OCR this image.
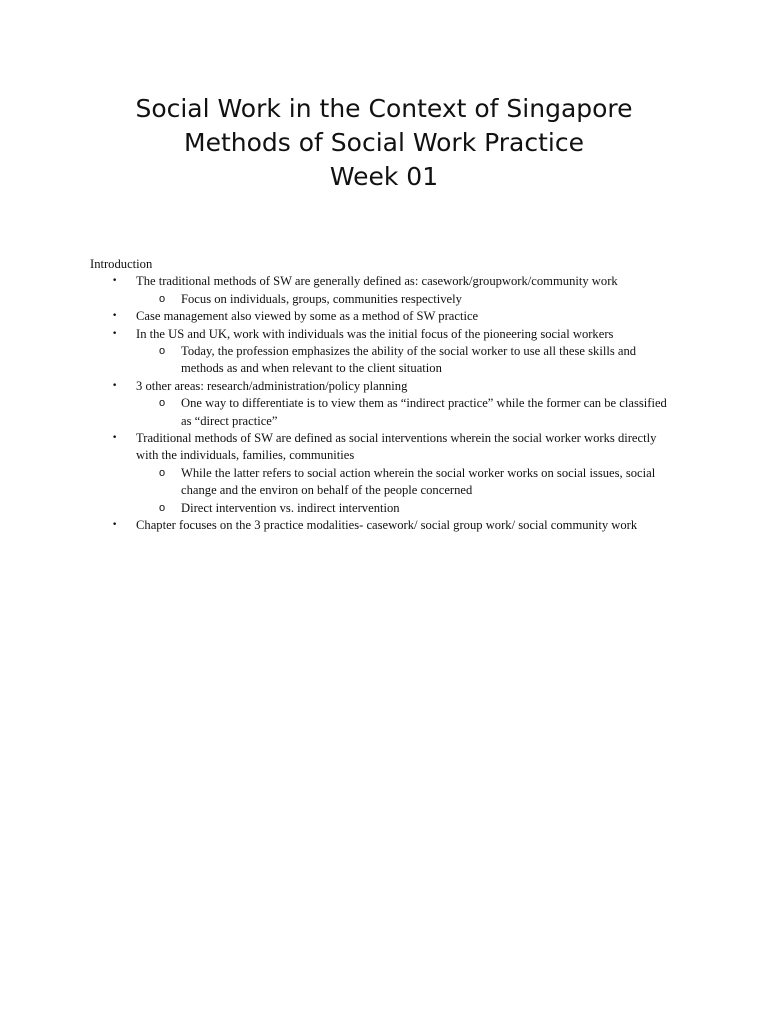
Social Work in the Context of Singapore
Methods of Social Work Practice
Week 01
Introduction
• The traditional methods of SW are generally defined as: casework/groupwork/community work
o Focus on individuals, groups, communities respectively
• Case management also viewed by some as a method of SW practice
• In the US and UK, work with individuals was the initial focus of the pioneering social workers
o Today, the profession emphasizes the ability of the social worker to use all these skills and methods as and when relevant to the client situation
• 3 other areas: research/administration/policy planning
o One way to differentiate is to view them as “indirect practice” while the former can be classified as “direct practice”
• Traditional methods of SW are defined as social interventions wherein the social worker works directly with the individuals, families, communities
o While the latter refers to social action wherein the social worker works on social issues, social change and the environ on behalf of the people concerned
o Direct intervention vs. indirect intervention
• Chapter focuses on the 3 practice modalities- casework/ social group work/ social community work
